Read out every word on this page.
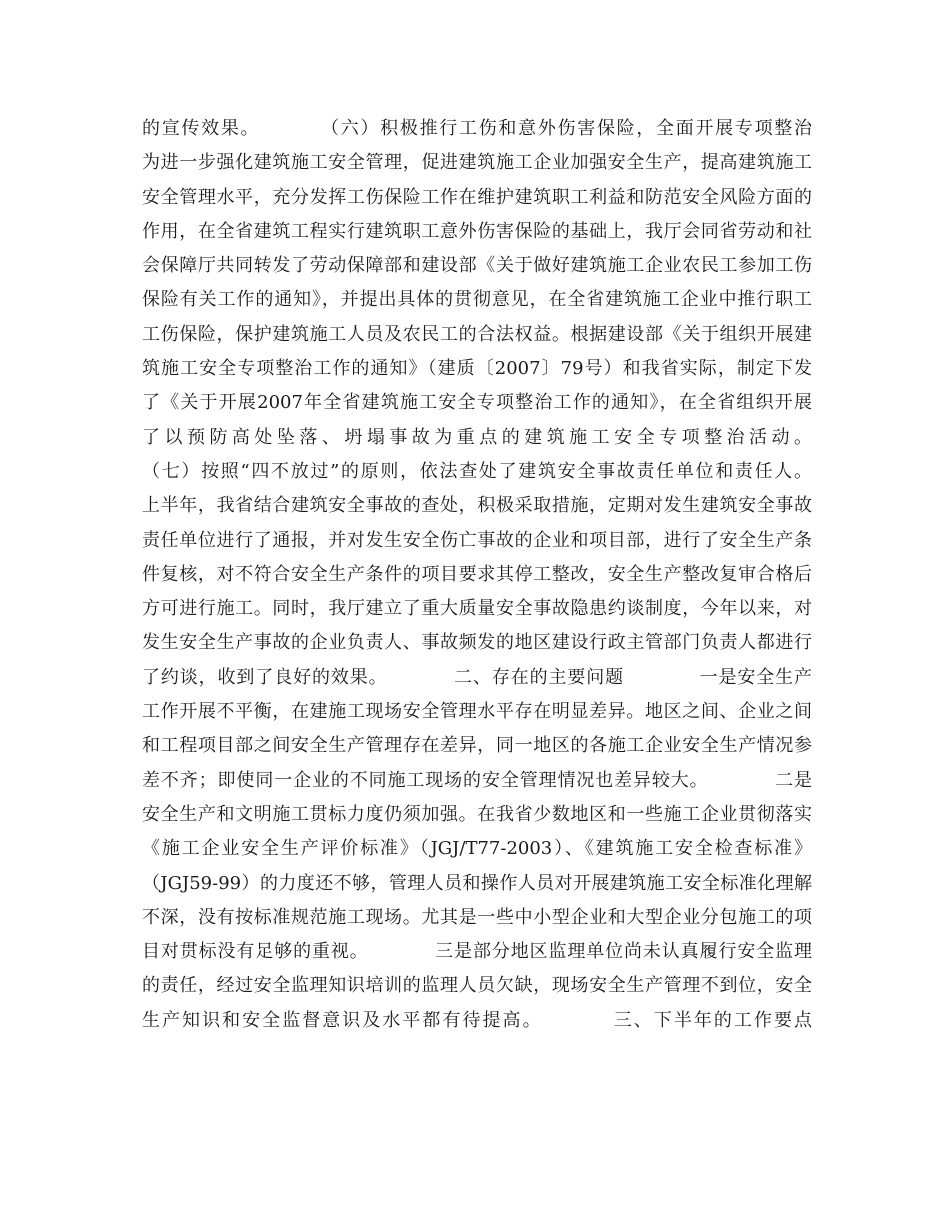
的宣传效果。　　　　（六）积极推行工伤和意外伤害保险，全面开展专项整治
为进一步强化建筑施工安全管理，促进建筑施工企业加强安全生产，提高建筑施工
安全管理水平，充分发挥工伤保险工作在维护建筑职工利益和防范安全风险方面的
作用，在全省建筑工程实行建筑职工意外伤害保险的基础上，我厅会同省劳动和社
会保障厅共同转发了劳动保障部和建设部《关于做好建筑施工企业农民工参加工伤
保险有关工作的通知》，并提出具体的贯彻意见，在全省建筑施工企业中推行职工
工伤保险，保护建筑施工人员及农民工的合法权益。根据建设部《关于组织开展建
筑施工安全专项整治工作的通知》（建质〔2007〕79号）和我省实际，制定下发
了《关于开展2007年全省建筑施工安全专项整治工作的通知》，在全省组织开展
了以预防高处坠落、坍塌事故为重点的建筑施工安全专项整治活动。
（七）按照“四不放过”的原则，依法查处了建筑安全事故责任单位和责任人。
上半年，我省结合建筑安全事故的查处，积极采取措施，定期对发生建筑安全事故
责任单位进行了通报，并对发生安全伤亡事故的企业和项目部，进行了安全生产条
件复核，对不符合安全生产条件的项目要求其停工整改，安全生产整改复审合格后
方可进行施工。同时，我厅建立了重大质量安全事故隐患约谈制度，今年以来，对
发生安全生产事故的企业负责人、事故频发的地区建设行政主管部门负责人都进行
了约谈，收到了良好的效果。　　　　二、存在的主要问题　　　　一是安全生产
工作开展不平衡，在建施工现场安全管理水平存在明显差异。地区之间、企业之间
和工程项目部之间安全生产管理存在差异，同一地区的各施工企业安全生产情况参
差不齐；即使同一企业的不同施工现场的安全管理情况也差异较大。　　　　二是
安全生产和文明施工贯标力度仍须加强。在我省少数地区和一些施工企业贯彻落实
《施工企业安全生产评价标准》（JGJ/T77-2003）、《建筑施工安全检查标准》
（JGJ59-99）的力度还不够，管理人员和操作人员对开展建筑施工安全标准化理解
不深，没有按标准规范施工现场。尤其是一些中小型企业和大型企业分包施工的项
目对贯标没有足够的重视。　　　　三是部分地区监理单位尚未认真履行安全监理
的责任，经过安全监理知识培训的监理人员欠缺，现场安全生产管理不到位，安全
生产知识和安全监督意识及水平都有待提高。　　　　三、下半年的工作要点
